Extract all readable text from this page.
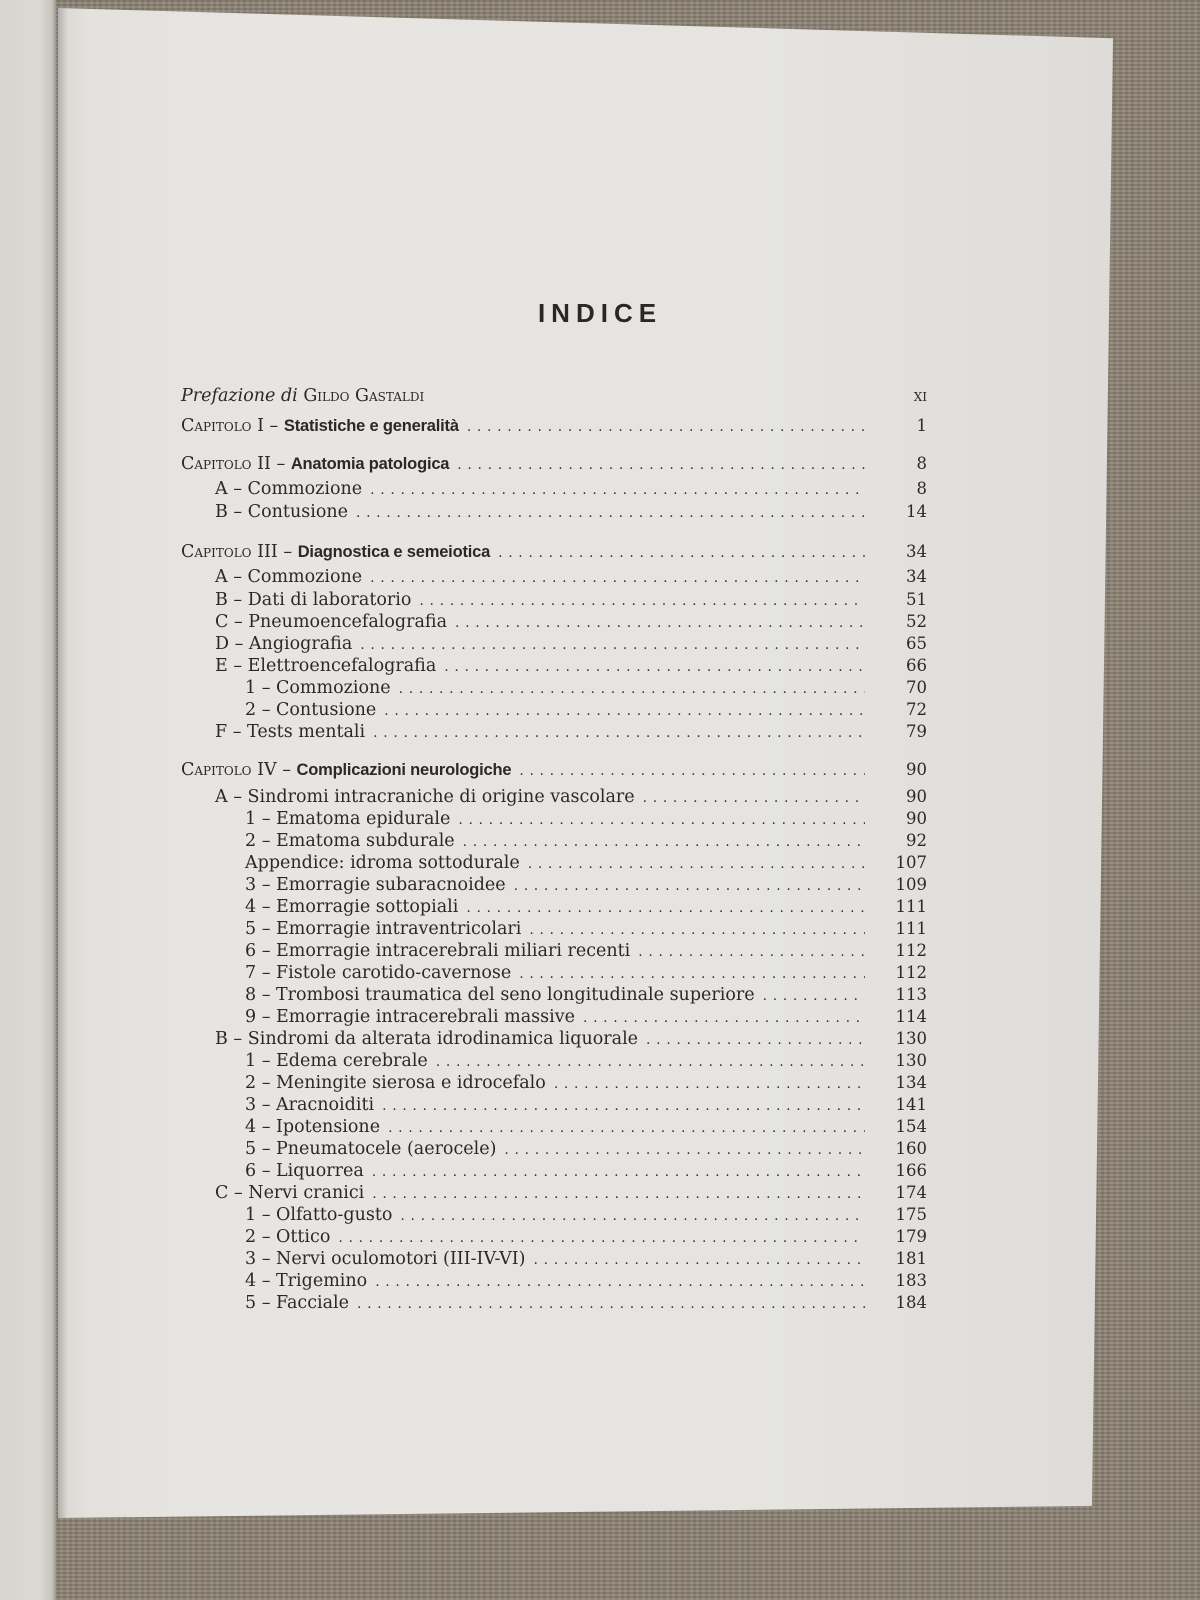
INDICE
Prefazione di Gildo Gastaldi	xi
Capitolo I – Statistiche e generalità . . .	1
Capitolo II – Anatomia patologica . . .	8
A – Commozione . . .	8
B – Contusione . . .	14
Capitolo III – Diagnostica e semeiotica . . .	34
A – Commozione . . .	34
B – Dati di laboratorio . . .	51
C – Pneumoencefalografia . . .	52
D – Angiografia . . .	65
E – Elettroencefalografia . . .	66
1 – Commozione . . .	70
2 – Contusione . . .	72
F – Tests mentali . . .	79
Capitolo IV – Complicazioni neurologiche . . .	90
A – Sindromi intracraniche di origine vascolare . . .	90
1 – Ematoma epidurale . . .	90
2 – Ematoma subdurale . . .	92
Appendice: idroma sottodurale . . .	107
3 – Emorragie subaracnoidee . . .	109
4 – Emorragie sottopiali . . .	111
5 – Emorragie intraventricolari . . .	111
6 – Emorragie intracerebrali miliari recenti . . .	112
7 – Fistole carotido-cavernose . . .	112
8 – Trombosi traumatica del seno longitudinale superiore . . .	113
9 – Emorragie intracerebrali massive . . .	114
B – Sindromi da alterata idrodinamica liquorale . . .	130
1 – Edema cerebrale . . .	130
2 – Meningite sierosa e idrocefalo . . .	134
3 – Aracnoiditi . . .	141
4 – Ipotensione . . .	154
5 – Pneumatocele (aerocele) . . .	160
6 – Liquorrea . . .	166
C – Nervi cranici . . .	174
1 – Olfatto-gusto . . .	175
2 – Ottico . . .	179
3 – Nervi oculomotori (III-IV-VI) . . .	181
4 – Trigemino . . .	183
5 – Facciale . . .	184
